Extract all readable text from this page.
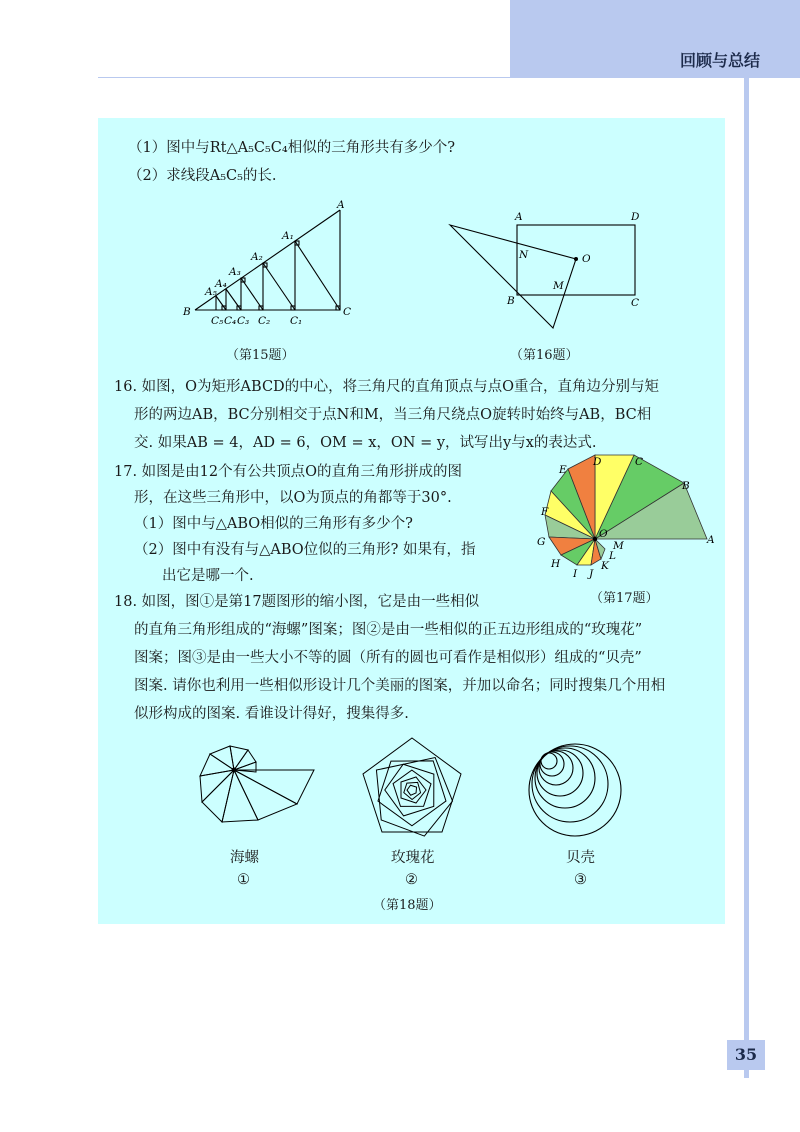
回顾与总结
（1）图中与Rt△A₅C₅C₄相似的三角形共有多少个?
（2）求线段A₅C₅的长.
A
A₁
A₂
A₃
A₄
A₅
B	C
C₁
C₂
C₃
C₄
C₅
（第15题）
A	D
B	C
N
M
O
（第16题）
16. 如图，O为矩形ABCD的中心，将三角尺的直角顶点与点O重合，直角边分别与矩
形的两边AB，BC分别相交于点N和M，当三角尺绕点O旋转时始终与AB，BC相
交. 如果AB = 4，AD = 6，OM = x，ON = y，试写出y与x的表达式.
17. 如图是由12个有公共顶点O的直角三角形拼成的图
形，在这些三角形中，以O为顶点的角都等于30°.
（1）图中与△ABO相似的三角形有多少个?
（2）图中有没有与△ABO位似的三角形? 如果有，指
出它是哪一个.
A
B
C
D
E
F
G
H
I J
K
L
M
O
（第17题）
18. 如图，图①是第17题图形的缩小图，它是由一些相似
的直角三角形组成的“海螺”图案；图②是由一些相似的正五边形组成的“玫瑰花”
图案；图③是由一些大小不等的圆（所有的圆也可看作是相似形）组成的“贝壳”
图案. 请你也利用一些相似形设计几个美丽的图案，并加以命名；同时搜集几个用相
似形构成的图案. 看谁设计得好，搜集得多.
海螺
①
玫瑰花
②
贝壳
③
（第18题）
35
